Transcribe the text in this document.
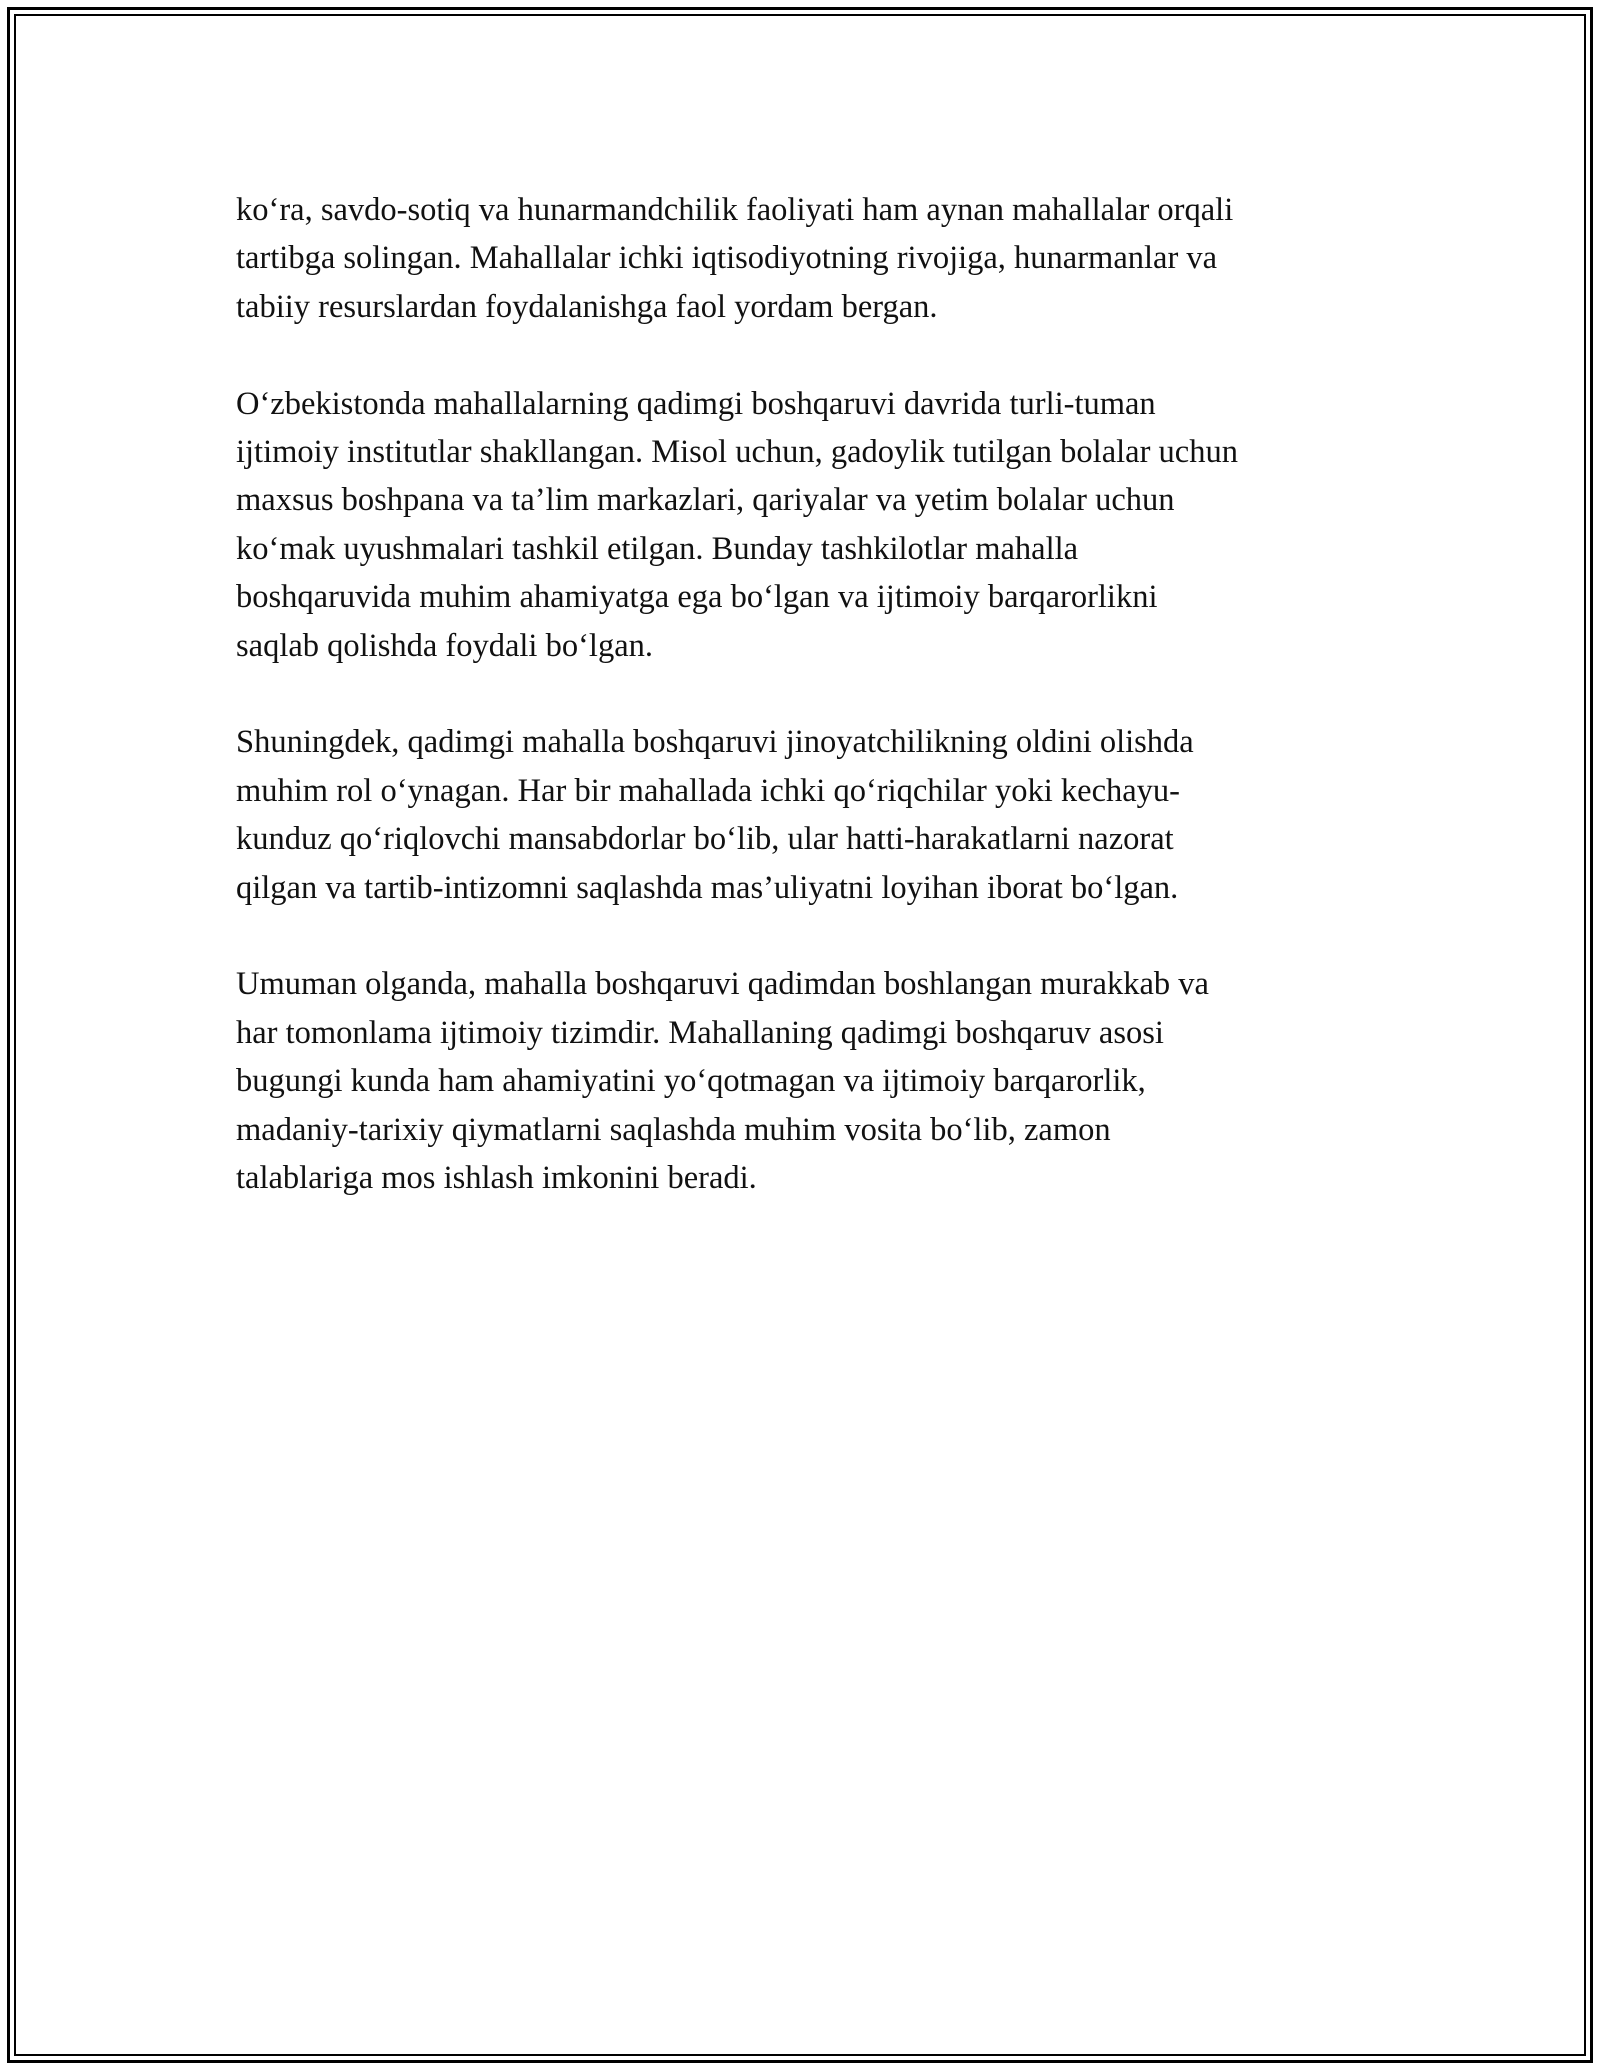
ko‘ra, savdo-sotiq va hunarmandchilik faoliyati ham aynan mahallalar orqali
tartibga solingan. Mahallalar ichki iqtisodiyotning rivojiga, hunarmanlar va
tabiiy resurslardan foydalanishga faol yordam bergan.

O‘zbekistonda mahallalarning qadimgi boshqaruvi davrida turli-tuman
ijtimoiy institutlar shakllangan. Misol uchun, gadoylik tutilgan bolalar uchun
maxsus boshpana va ta’lim markazlari, qariyalar va yetim bolalar uchun
ko‘mak uyushmalari tashkil etilgan. Bunday tashkilotlar mahalla
boshqaruvida muhim ahamiyatga ega bo‘lgan va ijtimoiy barqarorlikni
saqlab qolishda foydali bo‘lgan.

Shuningdek, qadimgi mahalla boshqaruvi jinoyatchilikning oldini olishda
muhim rol o‘ynagan. Har bir mahallada ichki qo‘riqchilar yoki kechayu-
kunduz qo‘riqlovchi mansabdorlar bo‘lib, ular hatti-harakatlarni nazorat
qilgan va tartib-intizomni saqlashda mas’uliyatni loyihan iborat bo‘lgan.

Umuman olganda, mahalla boshqaruvi qadimdan boshlangan murakkab va
har tomonlama ijtimoiy tizimdir. Mahallaning qadimgi boshqaruv asosi
bugungi kunda ham ahamiyatini yo‘qotmagan va ijtimoiy barqarorlik,
madaniy-tarixiy qiymatlarni saqlashda muhim vosita bo‘lib, zamon
talablariga mos ishlash imkonini beradi.
